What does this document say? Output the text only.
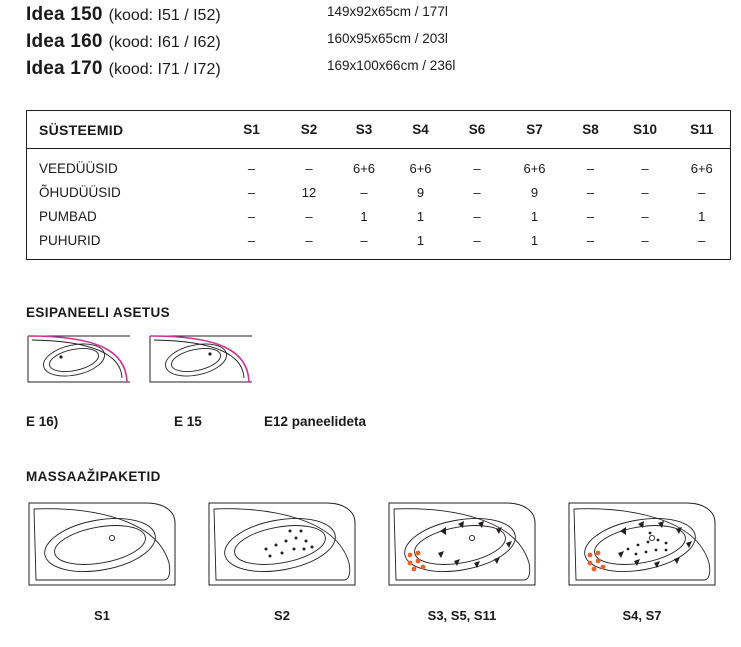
Idea 150 (kood: I51 / I52)	149x92x65cm / 177l
Idea 160 (kood: I61 / I62)	160x95x65cm / 203l
Idea 170 (kood: I71 / I72)	169x100x66cm / 236l
SÜSTEEMID	S1	S2	S3	S4	S6	S7	S8	S10	S11
VEEDÜÜSID	–	–	6+6	6+6	–	6+6	–	–	6+6
ÕHUDÜÜSID	–	12	–	9	–	9	–	–	–
PUMBAD	–	–	1	1	–	1	–	–	1
PUHURID	–	–	–	1	–	1	–	–	–
ESIPANEELI ASETUS
E 16)	E 15	E12 paneelideta
MASSAAŽIPAKETID
S1	S2	S3, S5, S11	S4, S7
